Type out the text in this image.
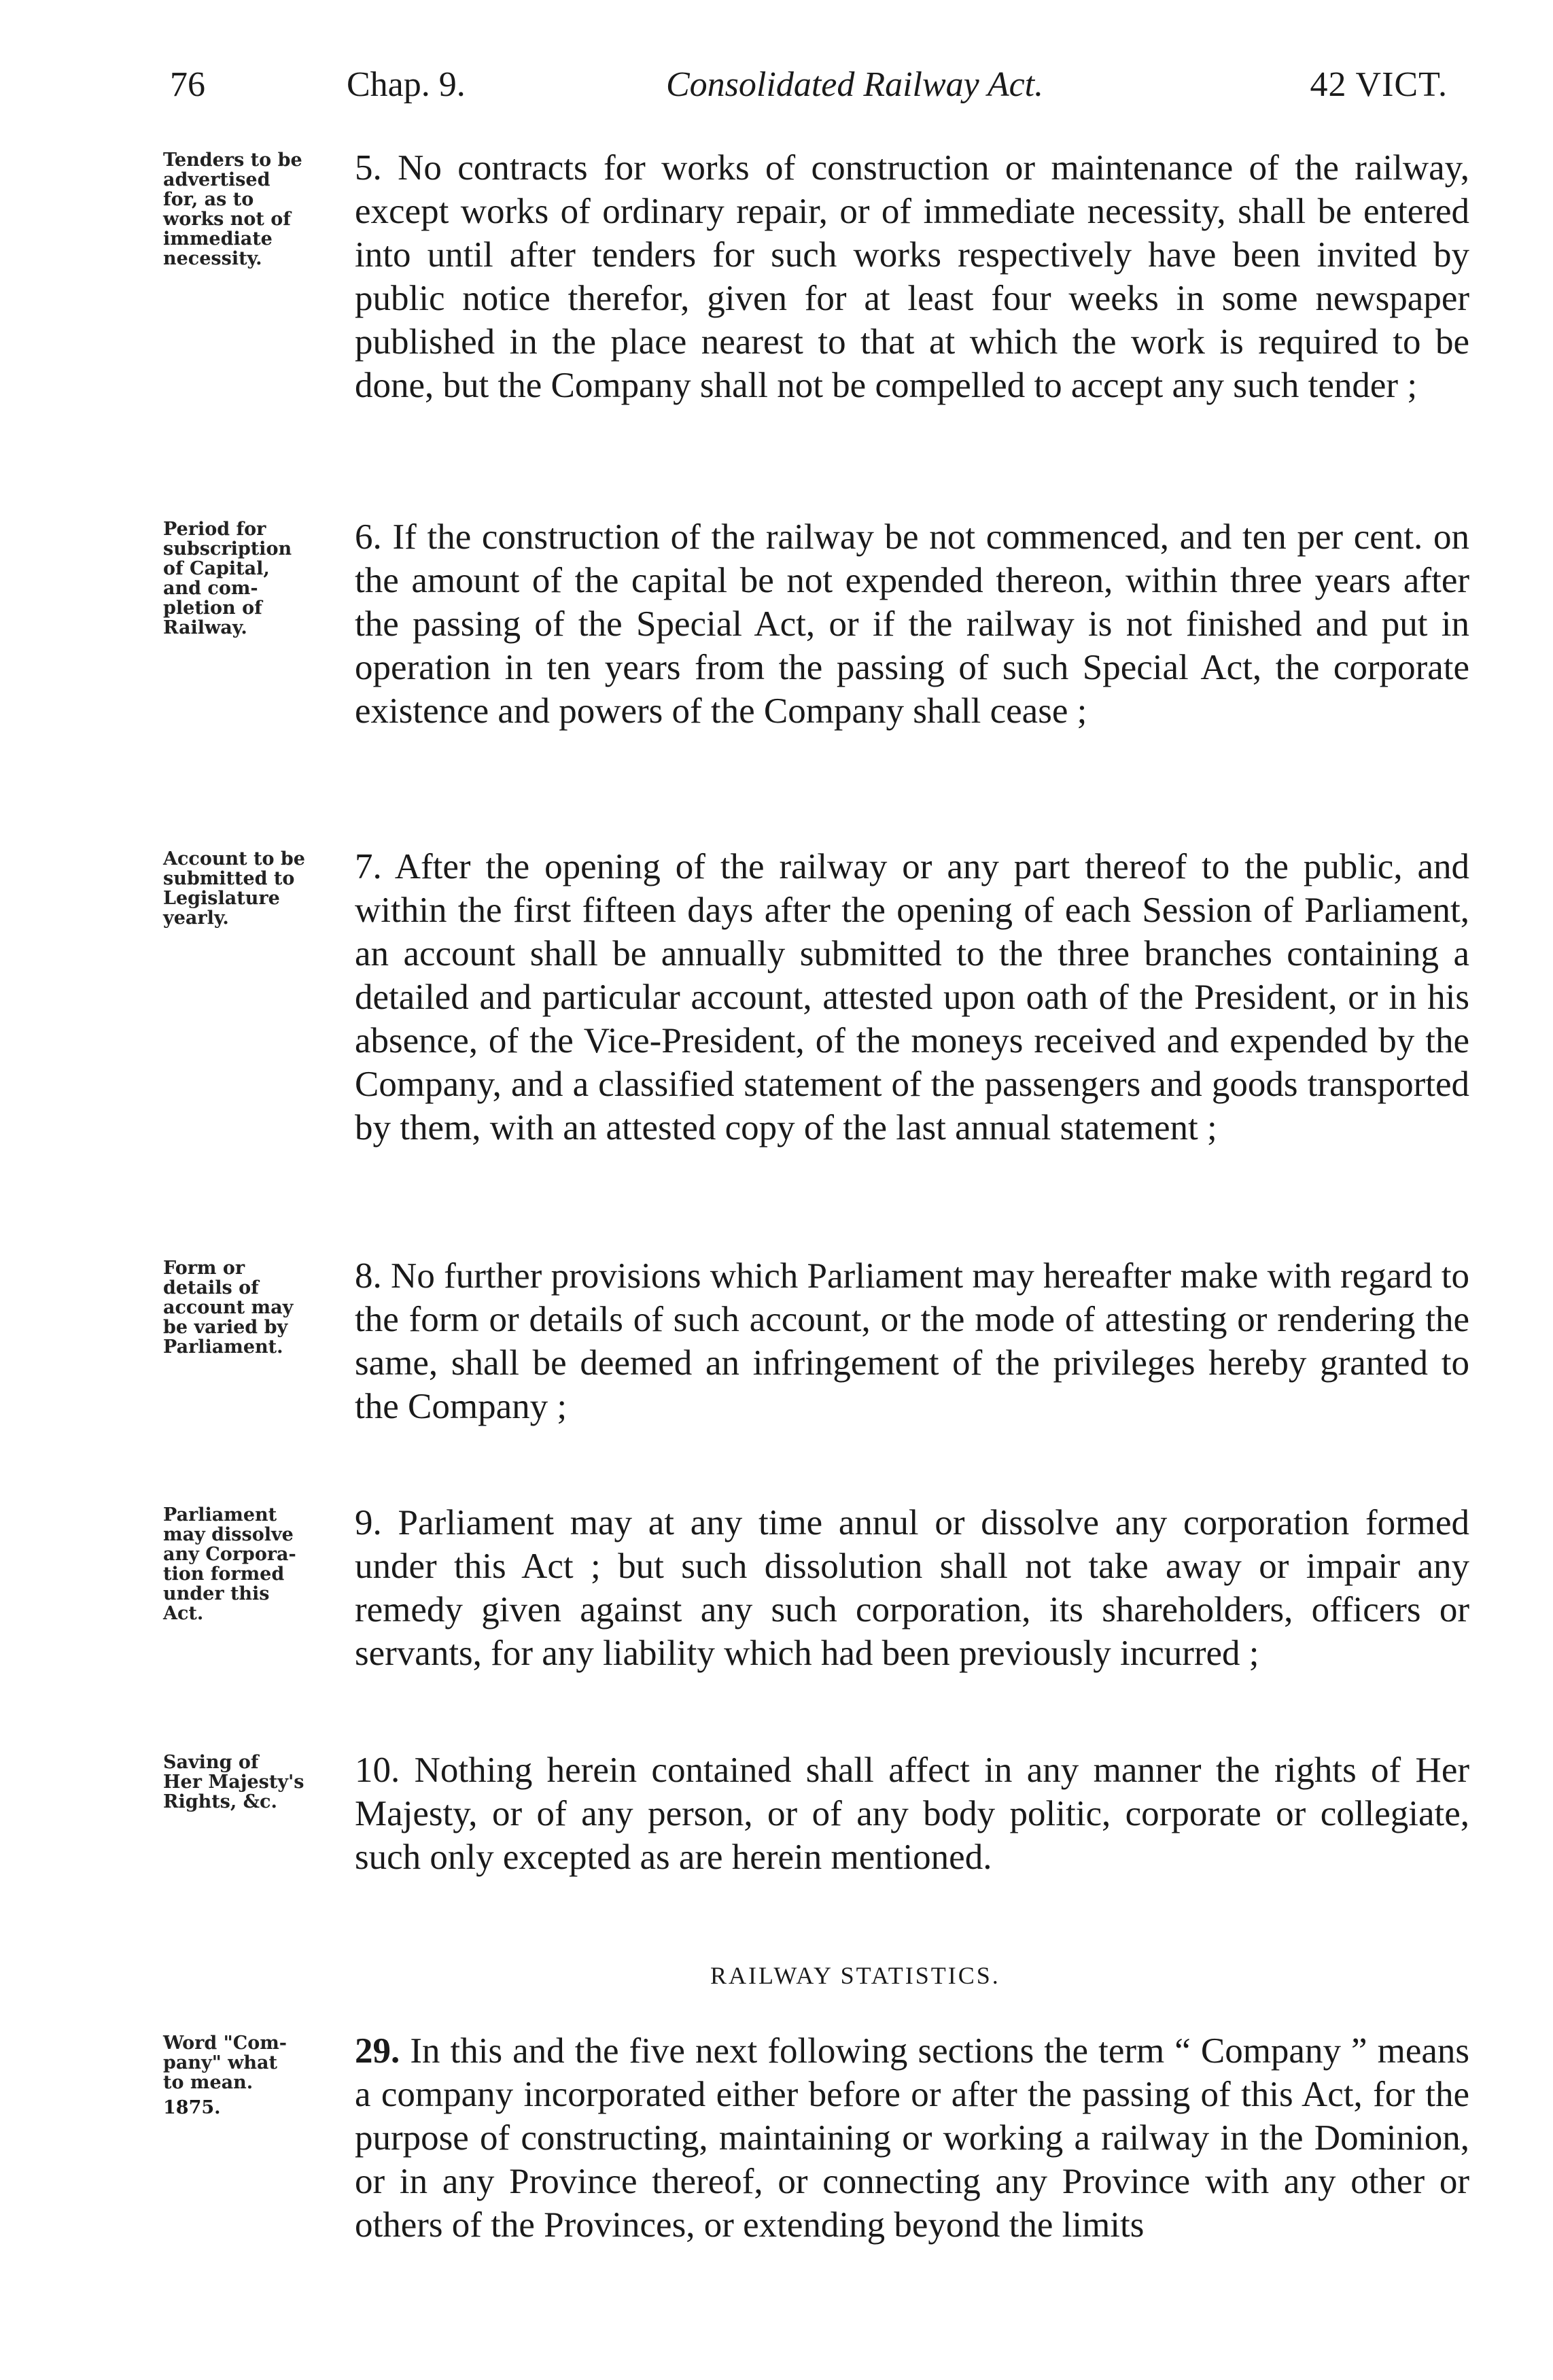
76	Chap. 9.	Consolidated Railway Act.	42 VICT.
Tenders to be
advertised
for, as to
works not of
immediate
necessity.

5. No contracts for works of construction or maintenance of the railway, except works of ordinary repair, or of immediate necessity, shall be entered into until after tenders for such works respectively have been invited by public notice therefor, given for at least four weeks in some newspaper published in the place nearest to that at which the work is required to be done, but the Company shall not be compelled to accept any such tender ;

Period for
subscription
of Capital,
and com-
pletion of
Railway.

6. If the construction of the railway be not commenced, and ten per cent. on the amount of the capital be not expended thereon, within three years after the passing of the Special Act, or if the railway is not finished and put in operation in ten years from the passing of such Special Act, the corporate existence and powers of the Company shall cease ;

Account to be
submitted to
Legislature
yearly.

7. After the opening of the railway or any part thereof to the public, and within the first fifteen days after the opening of each Session of Parliament, an account shall be annually submitted to the three branches containing a detailed and particular account, attested upon oath of the President, or in his absence, of the Vice-President, of the moneys received and expended by the Company, and a classified statement of the passengers and goods transported by them, with an attested copy of the last annual statement ;

Form or
details of
account may
be varied by
Parliament.

8. No further provisions which Parliament may hereafter make with regard to the form or details of such account, or the mode of attesting or rendering the same, shall be deemed an infringement of the privileges hereby granted to the Company ;

Parliament
may dissolve
any Corpora-
tion formed
under this
Act.

9. Parliament may at any time annul or dissolve any corporation formed under this Act ; but such dissolution shall not take away or impair any remedy given against any such corporation, its shareholders, officers or servants, for any liability which had been previously incurred ;

Saving of
Her Majesty's
Rights, &c.

10. Nothing herein contained shall affect in any manner the rights of Her Majesty, or of any person, or of any body politic, corporate or collegiate, such only excepted as are herein mentioned.

RAILWAY STATISTICS.
Word "Com-
pany" what
to mean.
1875.

29. In this and the five next following sections the term “ Company ” means a company incorporated either before or after the passing of this Act, for the purpose of constructing, maintaining or working a railway in the Dominion, or in any Province thereof, or connecting any Province with any other or others of the Provinces, or extending beyond the limits
